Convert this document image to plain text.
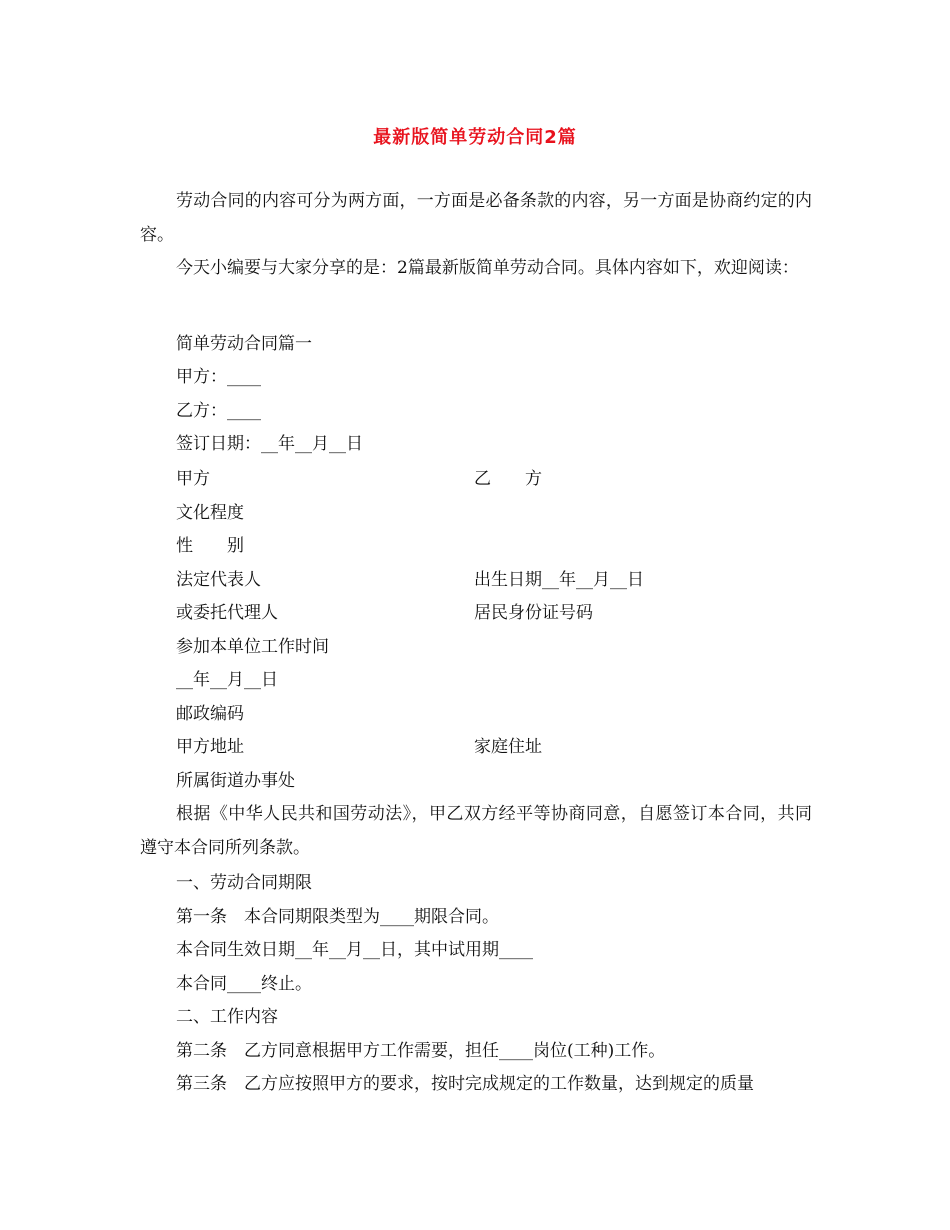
最新版简单劳动合同2篇

劳动合同的内容可分为两方面，一方面是必备条款的内容，另一方面是协商约定的内容。

今天小编要与大家分享的是：2篇最新版简单劳动合同。具体内容如下，欢迎阅读：

简单劳动合同篇一
甲方：____
乙方：____
签订日期：__年__月__日
甲方	乙　　方
文化程度
性　　别
法定代表人	出生日期__年__月__日
或委托代理人	居民身份证号码
参加本单位工作时间
__年__月__日
邮政编码
甲方地址	家庭住址
所属街道办事处

根据《中华人民共和国劳动法》，甲乙双方经平等协商同意，自愿签订本合同，共同遵守本合同所列条款。

一、劳动合同期限
第一条　本合同期限类型为____期限合同。
本合同生效日期__年__月__日，其中试用期____
本合同____终止。
二、工作内容
第二条　乙方同意根据甲方工作需要，担任____岗位(工种)工作。
第三条　乙方应按照甲方的要求，按时完成规定的工作数量，达到规定的质量
